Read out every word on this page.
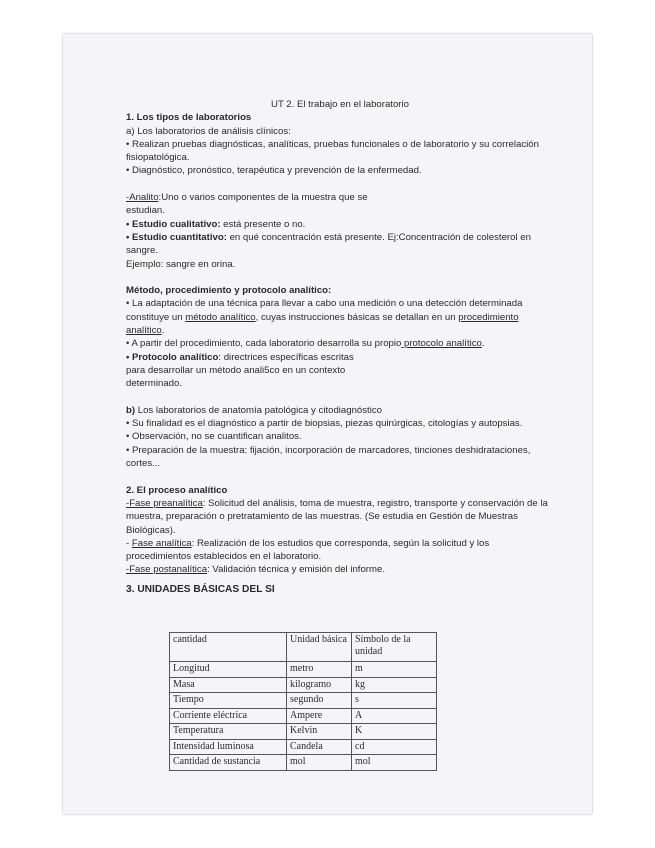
UT 2. El trabajo en el laboratorio

1. Los tipos de laboratorios

a) Los laboratorios de análisis clínicos:

• Realizan pruebas diagnósticas, analíticas, pruebas funcionales o de laboratorio y su correlación fisiopatológica.

• Diagnóstico, pronóstico, terapéutica y prevención de la enfermedad.

-Analito:Uno o varios componentes de la muestra que se estudian.

• Estudio cualitativo: está presente o no.

• Estudio cuantitativo: en qué concentración está presente. Ej:Concentración de colesterol en sangre.

Ejemplo: sangre en orina.

Método, procedimiento y protocolo analítico:

• La adaptación de una técnica para llevar a cabo una medición o una detección determinada constituye un método analítico, cuyas instrucciones básicas se detallan en un procedimiento analítico.

• A partir del procedimiento, cada laboratorio desarrolla su propio protocolo analítico.

• Protocolo analítico: directrices específicas escritas

para desarrollar un método anali5co en un contexto

determinado.

b) Los laboratorios de anatomía patológica y citodiagnóstico

• Su finalidad es el diagnóstico a partir de biopsias, piezas quirúrgicas, citologías y autopsias.

• Observación, no se cuantifican analitos.

• Preparación de la muestra: fijación, incorporación de marcadores, tinciones deshidrataciones, cortes...

2. El proceso analítico

-Fase preanalítica: Solicitud del análisis, toma de muestra, registro, transporte y conservación de la muestra, preparación o pretratamiento de las muestras. (Se estudia en Gestión de Muestras Biológicas).

- Fase analítica: Realización de los estudios que corresponda, según la solicitud y los procedimientos establecidos en el laboratorio.

-Fase postanalítica: Validación técnica y emisión del informe.

3. UNIDADES BÁSICAS DEL SI

cantidad	Unidad básica	Símbolo de la unidad
Longitud	metro	m
Masa	kilogramo	kg
Tiempo	segundo	s
Corriente eléctrica	Ampere	A
Temperatura	Kelvin	K
Intensidad luminosa	Candela	cd
Cantidad de sustancia	mol	mol
